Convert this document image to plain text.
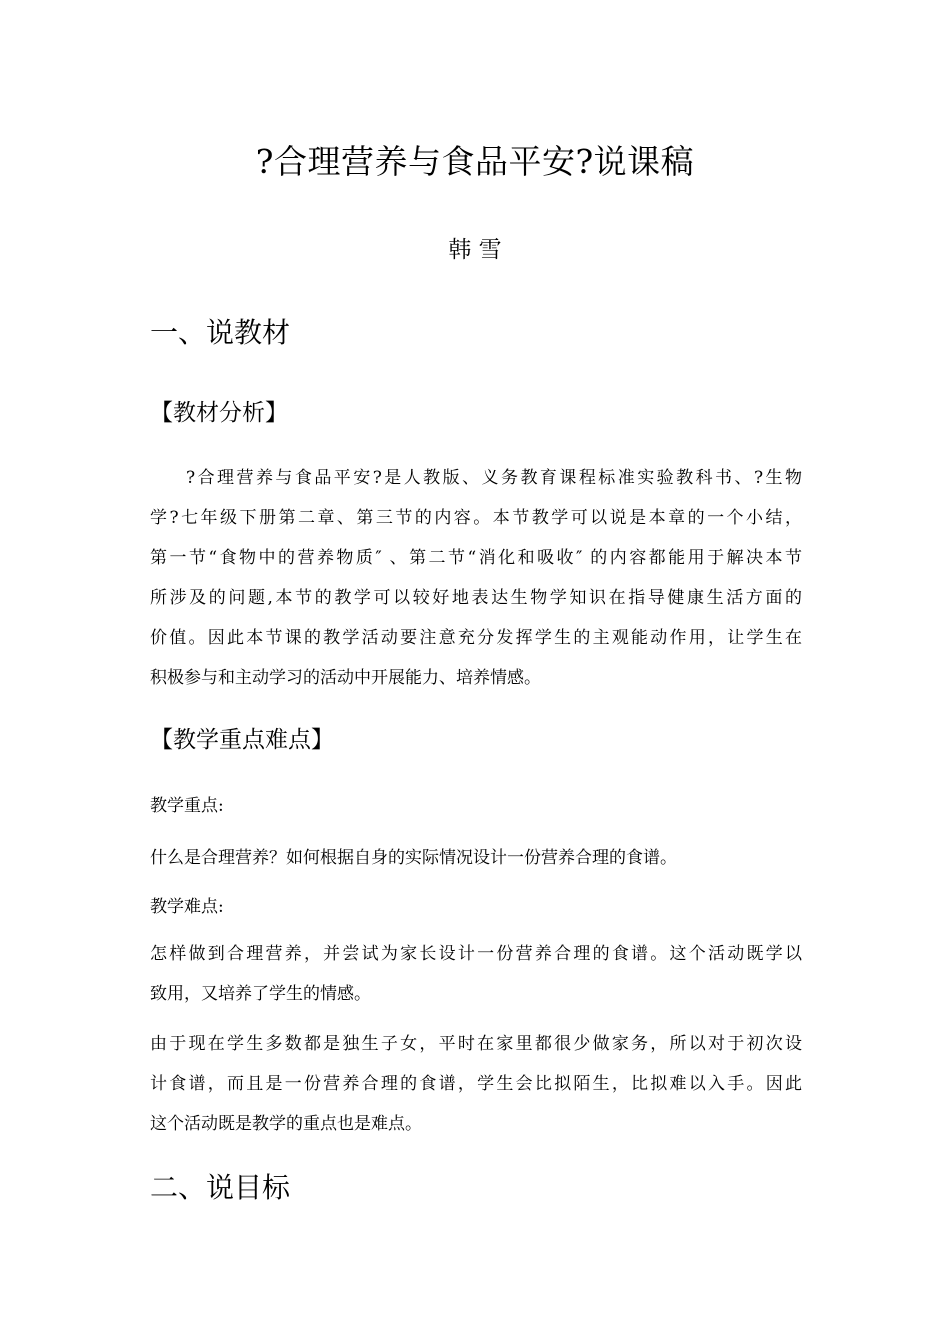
?合理营养与食品平安?说课稿
韩 雪
一、说教材
【教材分析】
?合理营养与食品平安?是人教版、义务教育课程标准实验教科书、?生物
学?七年级下册第二章、第三节的内容。本节教学可以说是本章的一个小结，
第一节“食物中的营养物质″ 、第二节“消化和吸收″ 的内容都能用于解决本节
所涉及的问题,本节的教学可以较好地表达生物学知识在指导健康生活方面的
价值。因此本节课的教学活动要注意充分发挥学生的主观能动作用，让学生在
积极参与和主动学习的活动中开展能力、培养情感。
【教学重点难点】
教学重点:
什么是合理营养？如何根据自身的实际情况设计一份营养合理的食谱。
教学难点:
怎样做到合理营养，并尝试为家长设计一份营养合理的食谱。这个活动既学以
致用，又培养了学生的情感。
由于现在学生多数都是独生子女，平时在家里都很少做家务，所以对于初次设
计食谱，而且是一份营养合理的食谱，学生会比拟陌生，比拟难以入手。因此
这个活动既是教学的重点也是难点。
二、说目标
